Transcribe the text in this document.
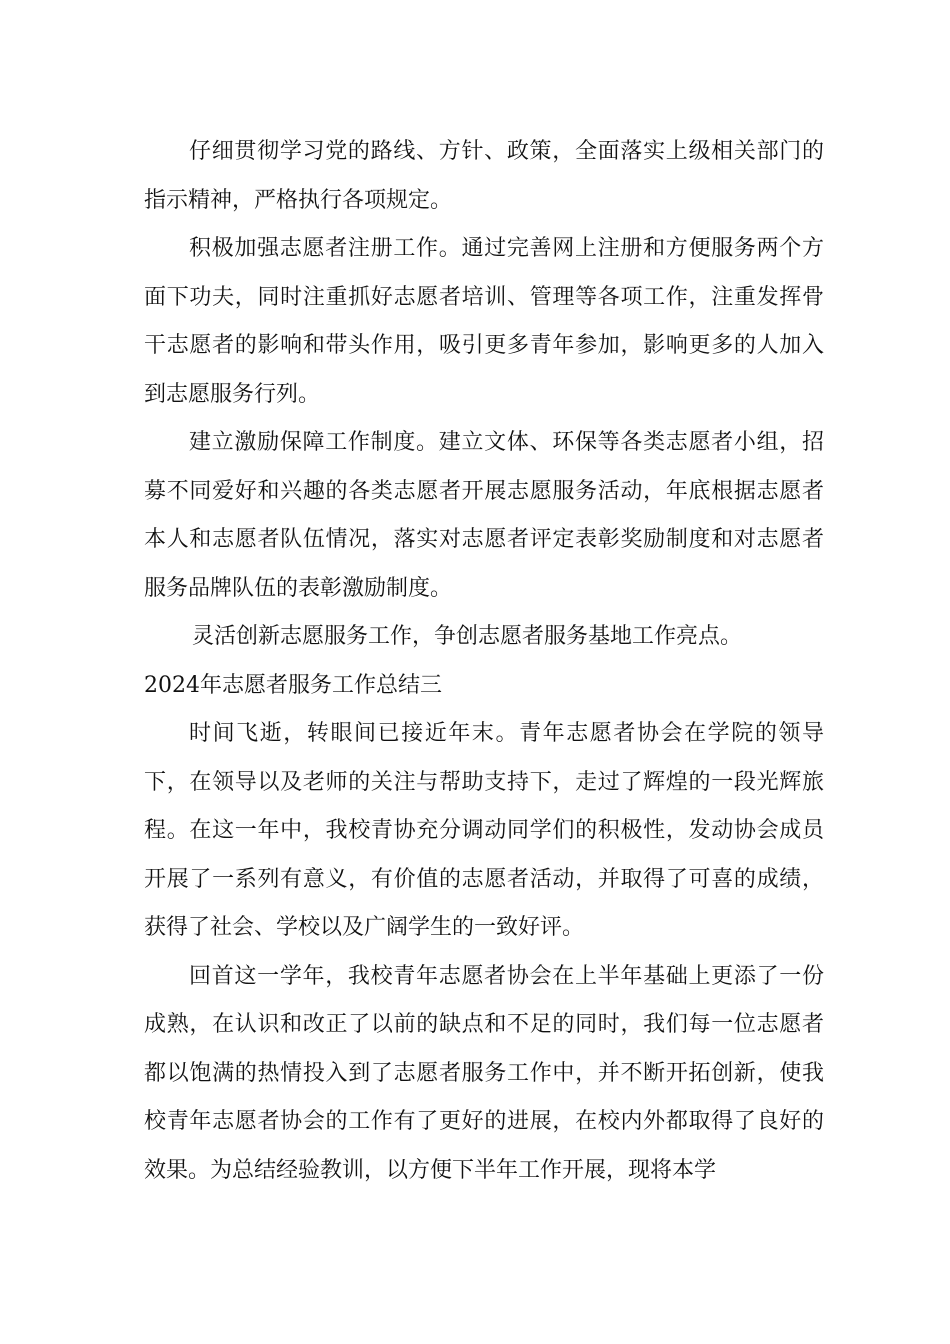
仔细贯彻学习党的路线、方针、政策，全面落实上级相关部门的指示精神，严格执行各项规定。

积极加强志愿者注册工作。通过完善网上注册和方便服务两个方面下功夫，同时注重抓好志愿者培训、管理等各项工作，注重发挥骨干志愿者的影响和带头作用，吸引更多青年参加，影响更多的人加入到志愿服务行列。

建立激励保障工作制度。建立文体、环保等各类志愿者小组，招募不同爱好和兴趣的各类志愿者开展志愿服务活动，年底根据志愿者本人和志愿者队伍情况，落实对志愿者评定表彰奖励制度和对志愿者服务品牌队伍的表彰激励制度。

灵活创新志愿服务工作，争创志愿者服务基地工作亮点。

2024年志愿者服务工作总结三

时间飞逝，转眼间已接近年末。青年志愿者协会在学院的领导下，在领导以及老师的关注与帮助支持下，走过了辉煌的一段光辉旅程。在这一年中，我校青协充分调动同学们的积极性，发动协会成员开展了一系列有意义，有价值的志愿者活动，并取得了可喜的成绩，获得了社会、学校以及广阔学生的一致好评。

回首这一学年，我校青年志愿者协会在上半年基础上更添了一份成熟，在认识和改正了以前的缺点和不足的同时，我们每一位志愿者都以饱满的热情投入到了志愿者服务工作中，并不断开拓创新，使我校青年志愿者协会的工作有了更好的进展，在校内外都取得了良好的效果。为总结经验教训，以方便下半年工作开展，现将本学
